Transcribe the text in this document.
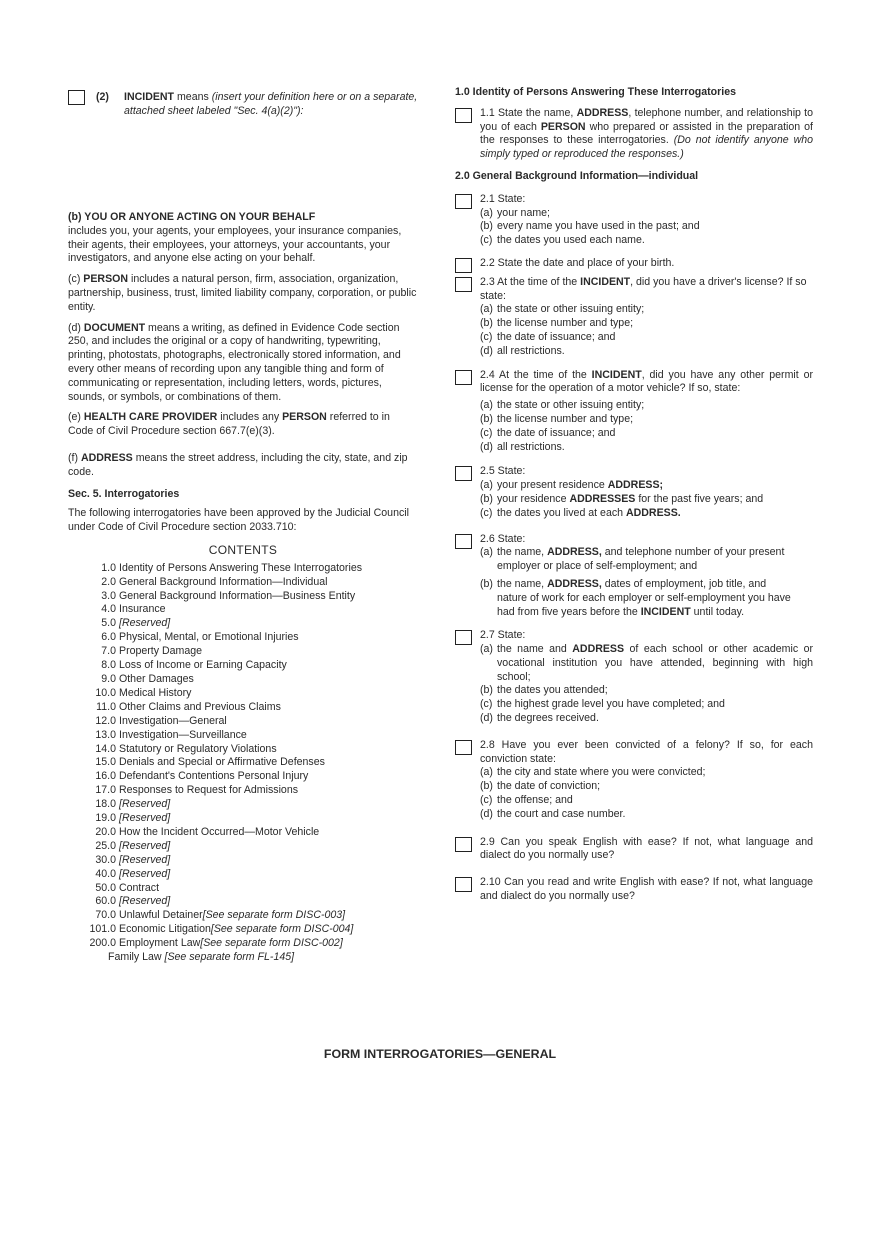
(2) INCIDENT means (insert your definition here or on a separate, attached sheet labeled "Sec. 4(a)(2)"):

(b) YOU OR ANYONE ACTING ON YOUR BEHALF

includes you, your agents, your employees, your insurance companies, their agents, their employees, your attorneys, your accountants, your investigators, and anyone else acting on your behalf.

(c) PERSON includes a natural person, firm, association, organization, partnership, business, trust, limited liability company, corporation, or public entity.

(d) DOCUMENT means a writing, as defined in Evidence Code section 250, and includes the original or a copy of handwriting, typewriting, printing, photostats, photographs, electronically stored information, and every other means of recording upon any tangible thing and form of communicating or representation, including letters, words, pictures, sounds, or symbols, or combinations of them.

(e) HEALTH CARE PROVIDER includes any PERSON referred to in Code of Civil Procedure section 667.7(e)(3).

(f) ADDRESS means the street address, including the city, state, and zip code.

Sec. 5. Interrogatories

The following interrogatories have been approved by the Judicial Council under Code of Civil Procedure section 2033.710:

CONTENTS
1.0 Identity of Persons Answering These Interrogatories
2.0 General Background Information—Individual
3.0 General Background Information—Business Entity
4.0 Insurance
5.0 [Reserved]
6.0 Physical, Mental, or Emotional Injuries
7.0 Property Damage
8.0 Loss of Income or Earning Capacity
9.0 Other Damages
10.0 Medical History
11.0 Other Claims and Previous Claims
12.0 Investigation—General
13.0 Investigation—Surveillance
14.0 Statutory or Regulatory Violations
15.0 Denials and Special or Affirmative Defenses
16.0 Defendant's Contentions Personal Injury
17.0 Responses to Request for Admissions
18.0 [Reserved]
19.0 [Reserved]
20.0 How the Incident Occurred—Motor Vehicle
25.0 [Reserved]
30.0 [Reserved]
40.0 [Reserved]
50.0 Contract
60.0 [Reserved]
70.0 Unlawful Detainer [See separate form DISC-003]
101.0 Economic Litigation [See separate form DISC-004]
200.0 Employment Law [See separate form DISC-002]
Family Law [See separate form FL-145]

1.0 Identity of Persons Answering These Interrogatories

1.1 State the name, ADDRESS, telephone number, and relationship to you of each PERSON who prepared or assisted in the preparation of the responses to these interrogatories. (Do not identify anyone who simply typed or reproduced the responses.)

2.0 General Background Information—individual

2.1 State:

(a) your name;
(b) every name you have used in the past; and
(c) the dates you used each name.

2.2 State the date and place of your birth.

2.3 At the time of the INCIDENT, did you have a driver's license? If so state:

(a) the state or other issuing entity;
(b) the license number and type;
(c) the date of issuance; and
(d) all restrictions.

2.4 At the time of the INCIDENT, did you have any other permit or license for the operation of a motor vehicle? If so, state:

(a) the state or other issuing entity;
(b) the license number and type;
(c) the date of issuance; and
(d) all restrictions.

2.5 State:

(a) your present residence ADDRESS;
(b) your residence ADDRESSES for the past five years; and
(c) the dates you lived at each ADDRESS.

2.6 State:

(a) the name, ADDRESS, and telephone number of your present employer or place of self-employment; and
(b) the name, ADDRESS, dates of employment, job title, and nature of work for each employer or self-employment you have had from five years before the INCIDENT until today.

2.7 State:

(a) the name and ADDRESS of each school or other academic or vocational institution you have attended, beginning with high school;
(b) the dates you attended;
(c) the highest grade level you have completed; and
(d) the degrees received.

2.8 Have you ever been convicted of a felony? If so, for each conviction state:

(a) the city and state where you were convicted;
(b) the date of conviction;
(c) the offense; and
(d) the court and case number.

2.9 Can you speak English with ease? If not, what language and dialect do you normally use?

2.10 Can you read and write English with ease? If not, what language and dialect do you normally use?

FORM INTERROGATORIES—GENERAL
